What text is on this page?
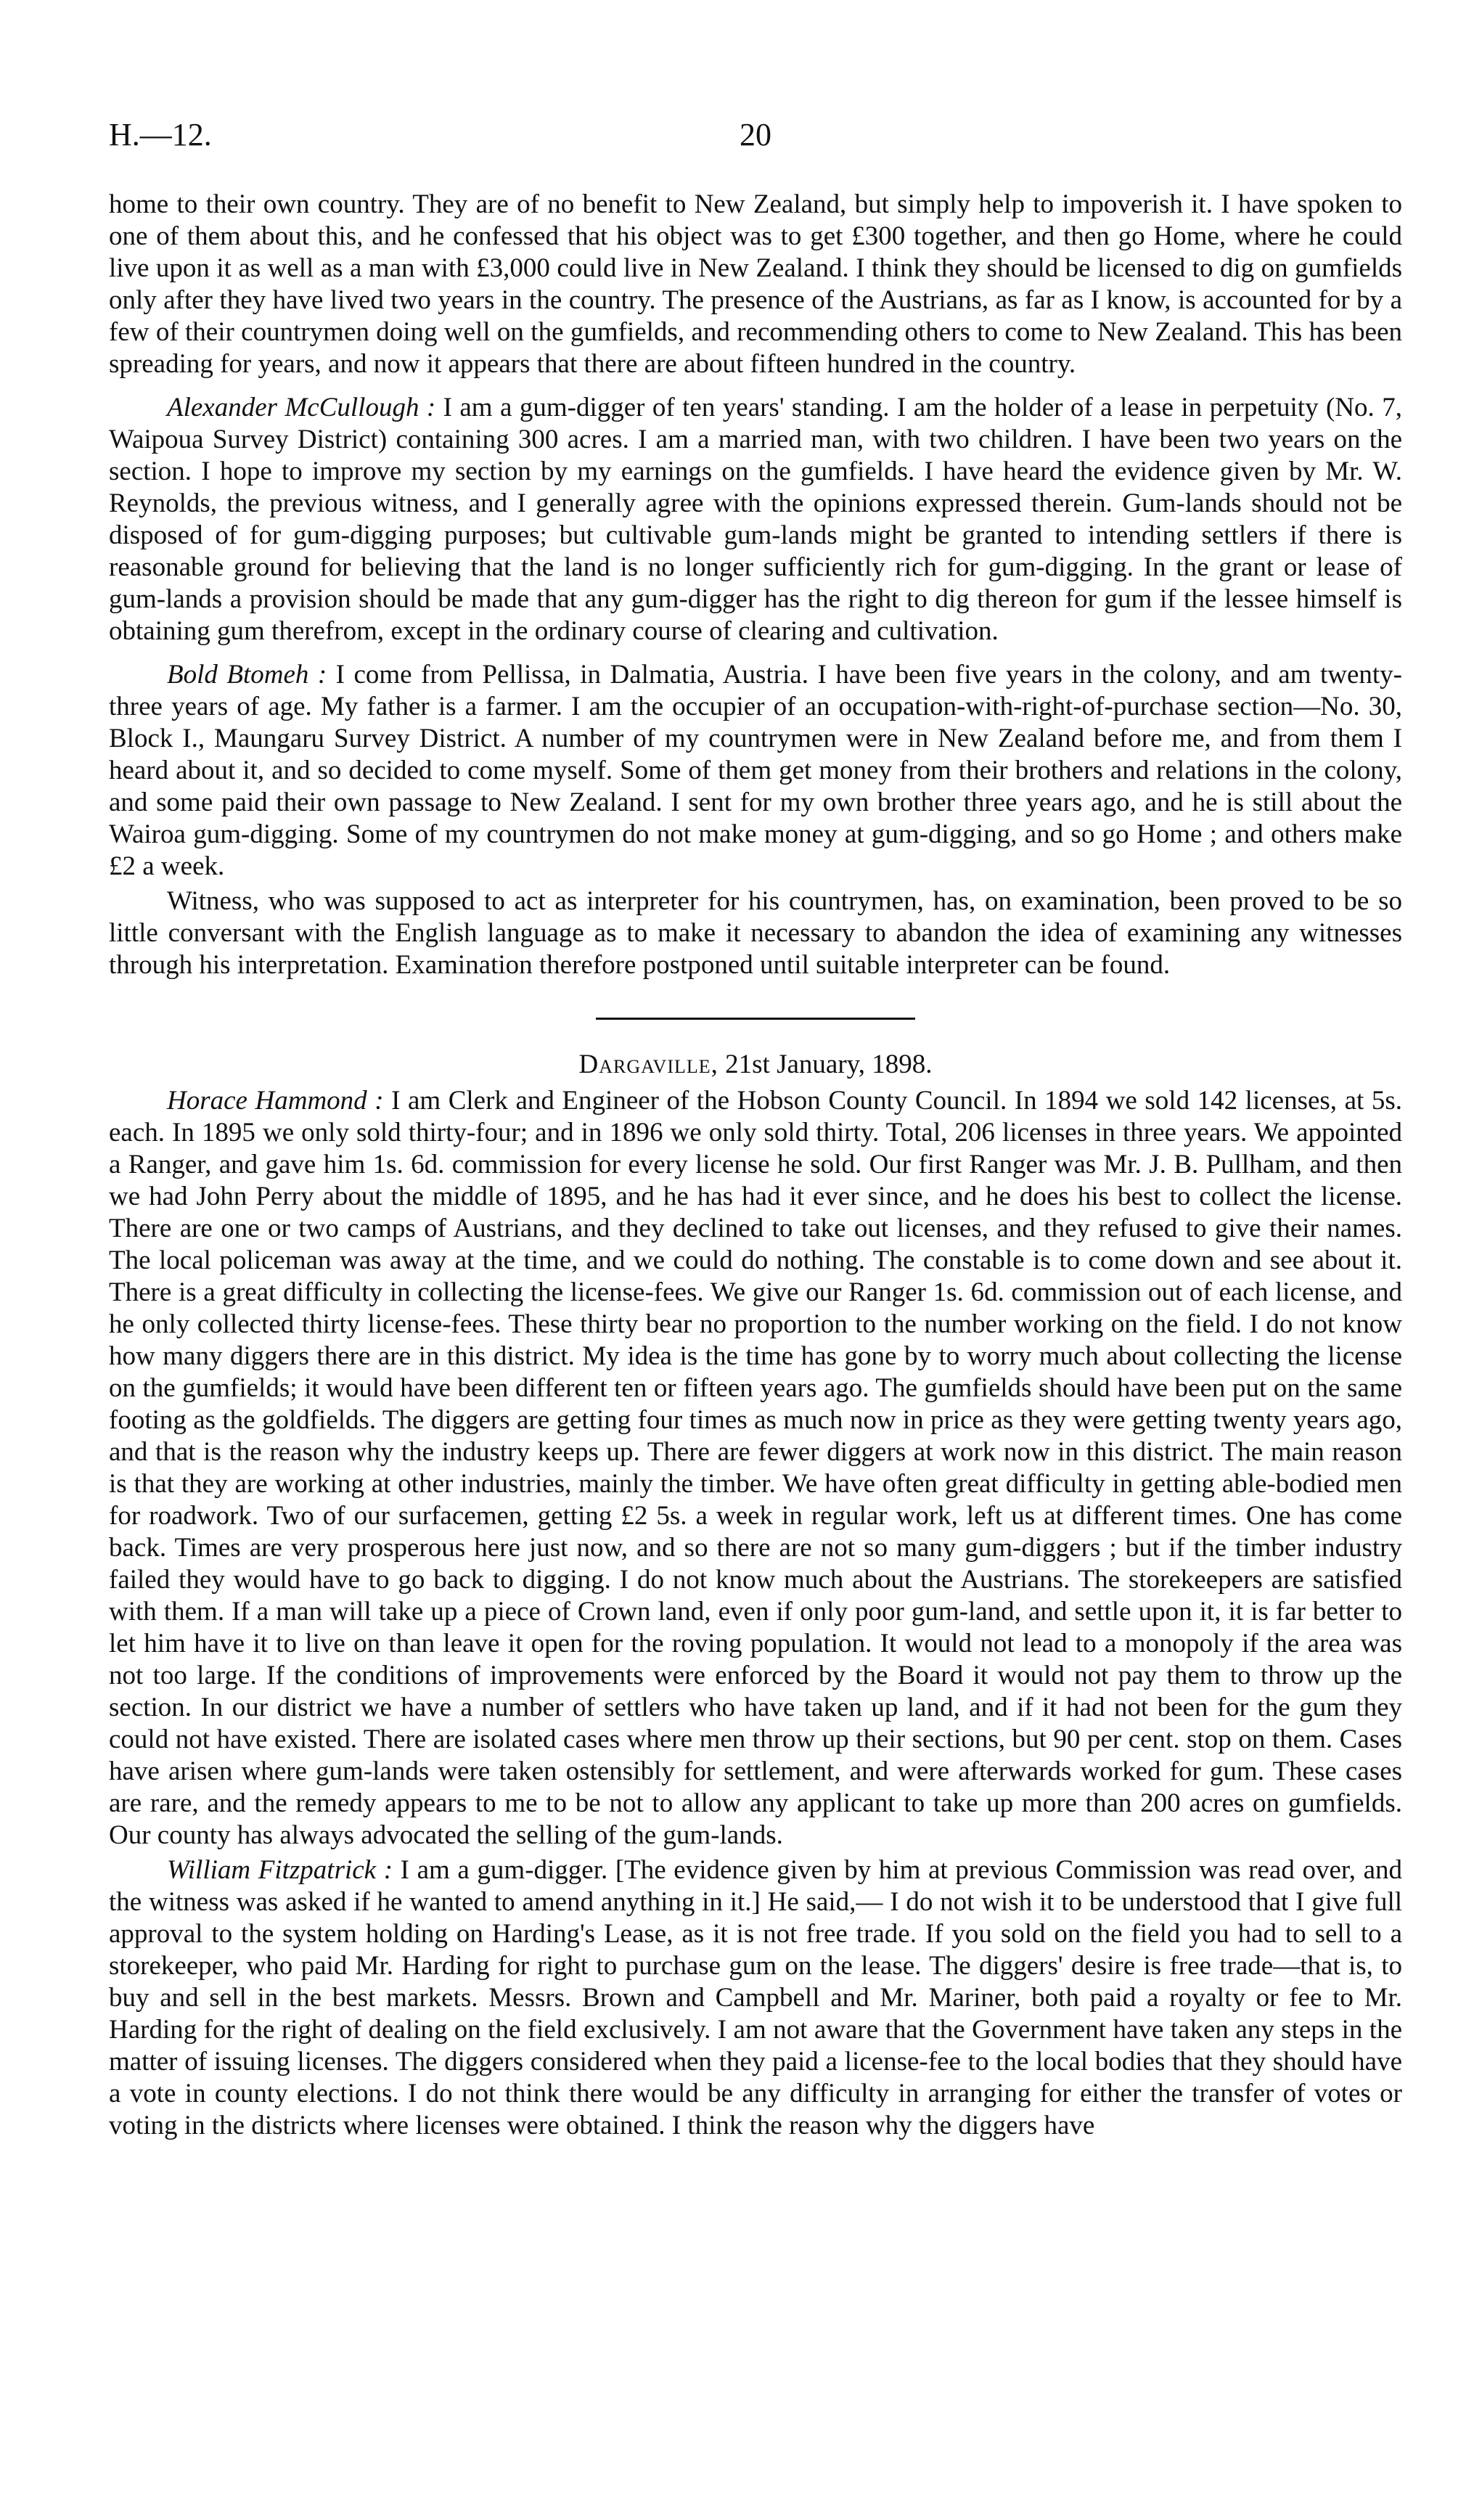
H.—12.	20

home to their own country. They are of no benefit to New Zealand, but simply help to impoverish it. I have spoken to one of them about this, and he confessed that his object was to get £300 together, and then go Home, where he could live upon it as well as a man with £3,000 could live in New Zealand. I think they should be licensed to dig on gumfields only after they have lived two years in the country. The presence of the Austrians, as far as I know, is accounted for by a few of their countrymen doing well on the gumfields, and recommending others to come to New Zealand. This has been spreading for years, and now it appears that there are about fifteen hundred in the country.

Alexander McCullough : I am a gum-digger of ten years' standing. I am the holder of a lease in perpetuity (No. 7, Waipoua Survey District) containing 300 acres. I am a married man, with two children. I have been two years on the section. I hope to improve my section by my earnings on the gumfields. I have heard the evidence given by Mr. W. Reynolds, the previous witness, and I generally agree with the opinions expressed therein. Gum-lands should not be disposed of for gum-digging purposes; but cultivable gum-lands might be granted to intending settlers if there is reasonable ground for believing that the land is no longer sufficiently rich for gum-digging. In the grant or lease of gum-lands a provision should be made that any gum-digger has the right to dig thereon for gum if the lessee himself is obtaining gum therefrom, except in the ordinary course of clearing and cultivation.

Bold Btomeh : I come from Pellissa, in Dalmatia, Austria. I have been five years in the colony, and am twenty-three years of age. My father is a farmer. I am the occupier of an occupation-with-right-of-purchase section—No. 30, Block I., Maungaru Survey District. A number of my countrymen were in New Zealand before me, and from them I heard about it, and so decided to come myself. Some of them get money from their brothers and relations in the colony, and some paid their own passage to New Zealand. I sent for my own brother three years ago, and he is still about the Wairoa gum-digging. Some of my countrymen do not make money at gum-digging, and so go Home ; and others make £2 a week.

Witness, who was supposed to act as interpreter for his countrymen, has, on examination, been proved to be so little conversant with the English language as to make it necessary to abandon the idea of examining any witnesses through his interpretation. Examination therefore postponed until suitable interpreter can be found.

Dargaville, 21st January, 1898.

Horace Hammond : I am Clerk and Engineer of the Hobson County Council. In 1894 we sold 142 licenses, at 5s. each. In 1895 we only sold thirty-four; and in 1896 we only sold thirty. Total, 206 licenses in three years. We appointed a Ranger, and gave him 1s. 6d. commission for every license he sold. Our first Ranger was Mr. J. B. Pullham, and then we had John Perry about the middle of 1895, and he has had it ever since, and he does his best to collect the license. There are one or two camps of Austrians, and they declined to take out licenses, and they refused to give their names. The local policeman was away at the time, and we could do nothing. The constable is to come down and see about it. There is a great difficulty in collecting the license-fees. We give our Ranger 1s. 6d. commission out of each license, and he only collected thirty license-fees. These thirty bear no proportion to the number working on the field. I do not know how many diggers there are in this district. My idea is the time has gone by to worry much about collecting the license on the gumfields; it would have been different ten or fifteen years ago. The gumfields should have been put on the same footing as the goldfields. The diggers are getting four times as much now in price as they were getting twenty years ago, and that is the reason why the industry keeps up. There are fewer diggers at work now in this district. The main reason is that they are working at other industries, mainly the timber. We have often great difficulty in getting able-bodied men for roadwork. Two of our surfacemen, getting £2 5s. a week in regular work, left us at different times. One has come back. Times are very prosperous here just now, and so there are not so many gum-diggers ; but if the timber industry failed they would have to go back to digging. I do not know much about the Austrians. The storekeepers are satisfied with them. If a man will take up a piece of Crown land, even if only poor gum-land, and settle upon it, it is far better to let him have it to live on than leave it open for the roving population. It would not lead to a monopoly if the area was not too large. If the conditions of improvements were enforced by the Board it would not pay them to throw up the section. In our district we have a number of settlers who have taken up land, and if it had not been for the gum they could not have existed. There are isolated cases where men throw up their sections, but 90 per cent. stop on them. Cases have arisen where gum-lands were taken ostensibly for settlement, and were afterwards worked for gum. These cases are rare, and the remedy appears to me to be not to allow any applicant to take up more than 200 acres on gumfields. Our county has always advocated the selling of the gum-lands.

William Fitzpatrick : I am a gum-digger. [The evidence given by him at previous Commission was read over, and the witness was asked if he wanted to amend anything in it.] He said,— I do not wish it to be understood that I give full approval to the system holding on Harding's Lease, as it is not free trade. If you sold on the field you had to sell to a storekeeper, who paid Mr. Harding for right to purchase gum on the lease. The diggers' desire is free trade—that is, to buy and sell in the best markets. Messrs. Brown and Campbell and Mr. Mariner, both paid a royalty or fee to Mr. Harding for the right of dealing on the field exclusively. I am not aware that the Government have taken any steps in the matter of issuing licenses. The diggers considered when they paid a license-fee to the local bodies that they should have a vote in county elections. I do not think there would be any difficulty in arranging for either the transfer of votes or voting in the districts where licenses were obtained. I think the reason why the diggers have
